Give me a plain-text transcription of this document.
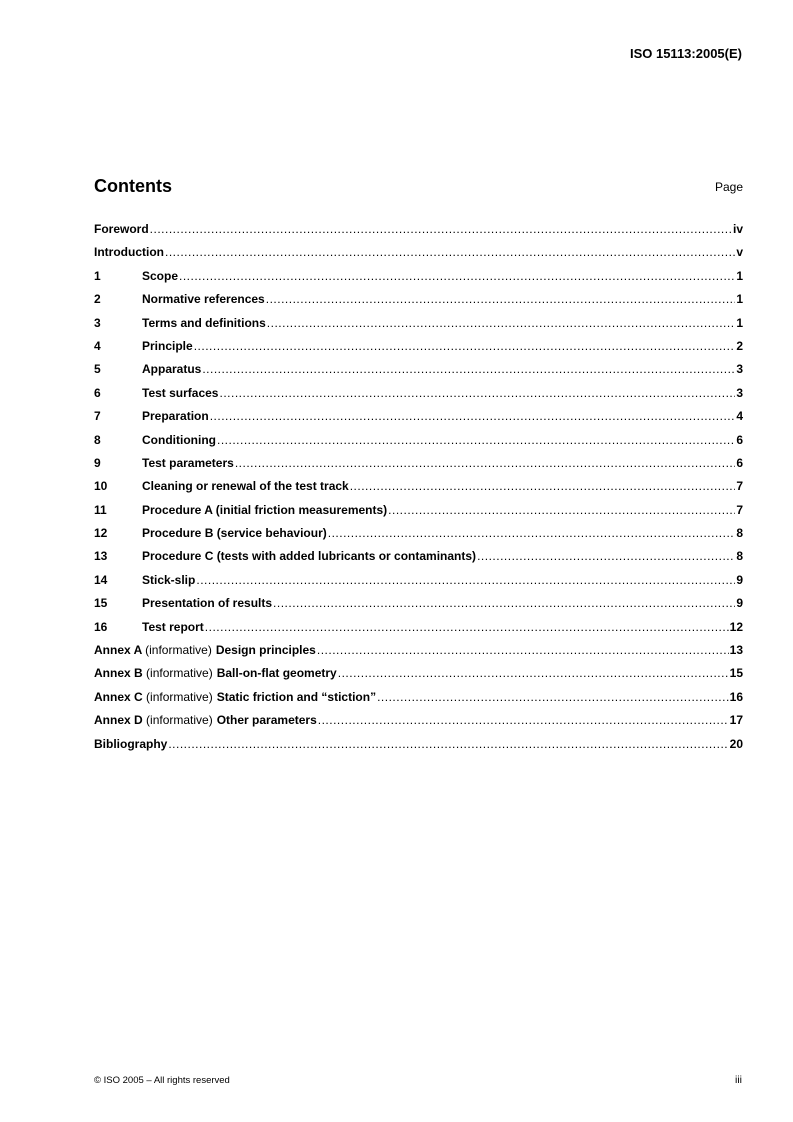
ISO 15113:2005(E)
Contents	Page
Foreword .....	iv
Introduction .....	v
1	Scope .....	1
2	Normative references .....	1
3	Terms and definitions .....	1
4	Principle .....	2
5	Apparatus .....	3
6	Test surfaces .....	3
7	Preparation .....	4
8	Conditioning .....	6
9	Test parameters .....	6
10	Cleaning or renewal of the test track .....	7
11	Procedure A (initial friction measurements) .....	7
12	Procedure B (service behaviour) .....	8
13	Procedure C (tests with added lubricants or contaminants) .....	8
14	Stick-slip .....	9
15	Presentation of results .....	9
16	Test report .....	12
Annex A (informative) Design principles .....	13
Annex B (informative) Ball-on-flat geometry .....	15
Annex C (informative) Static friction and “stiction” .....	16
Annex D (informative) Other parameters .....	17
Bibliography .....	20
© ISO 2005 – All rights reserved	iii
